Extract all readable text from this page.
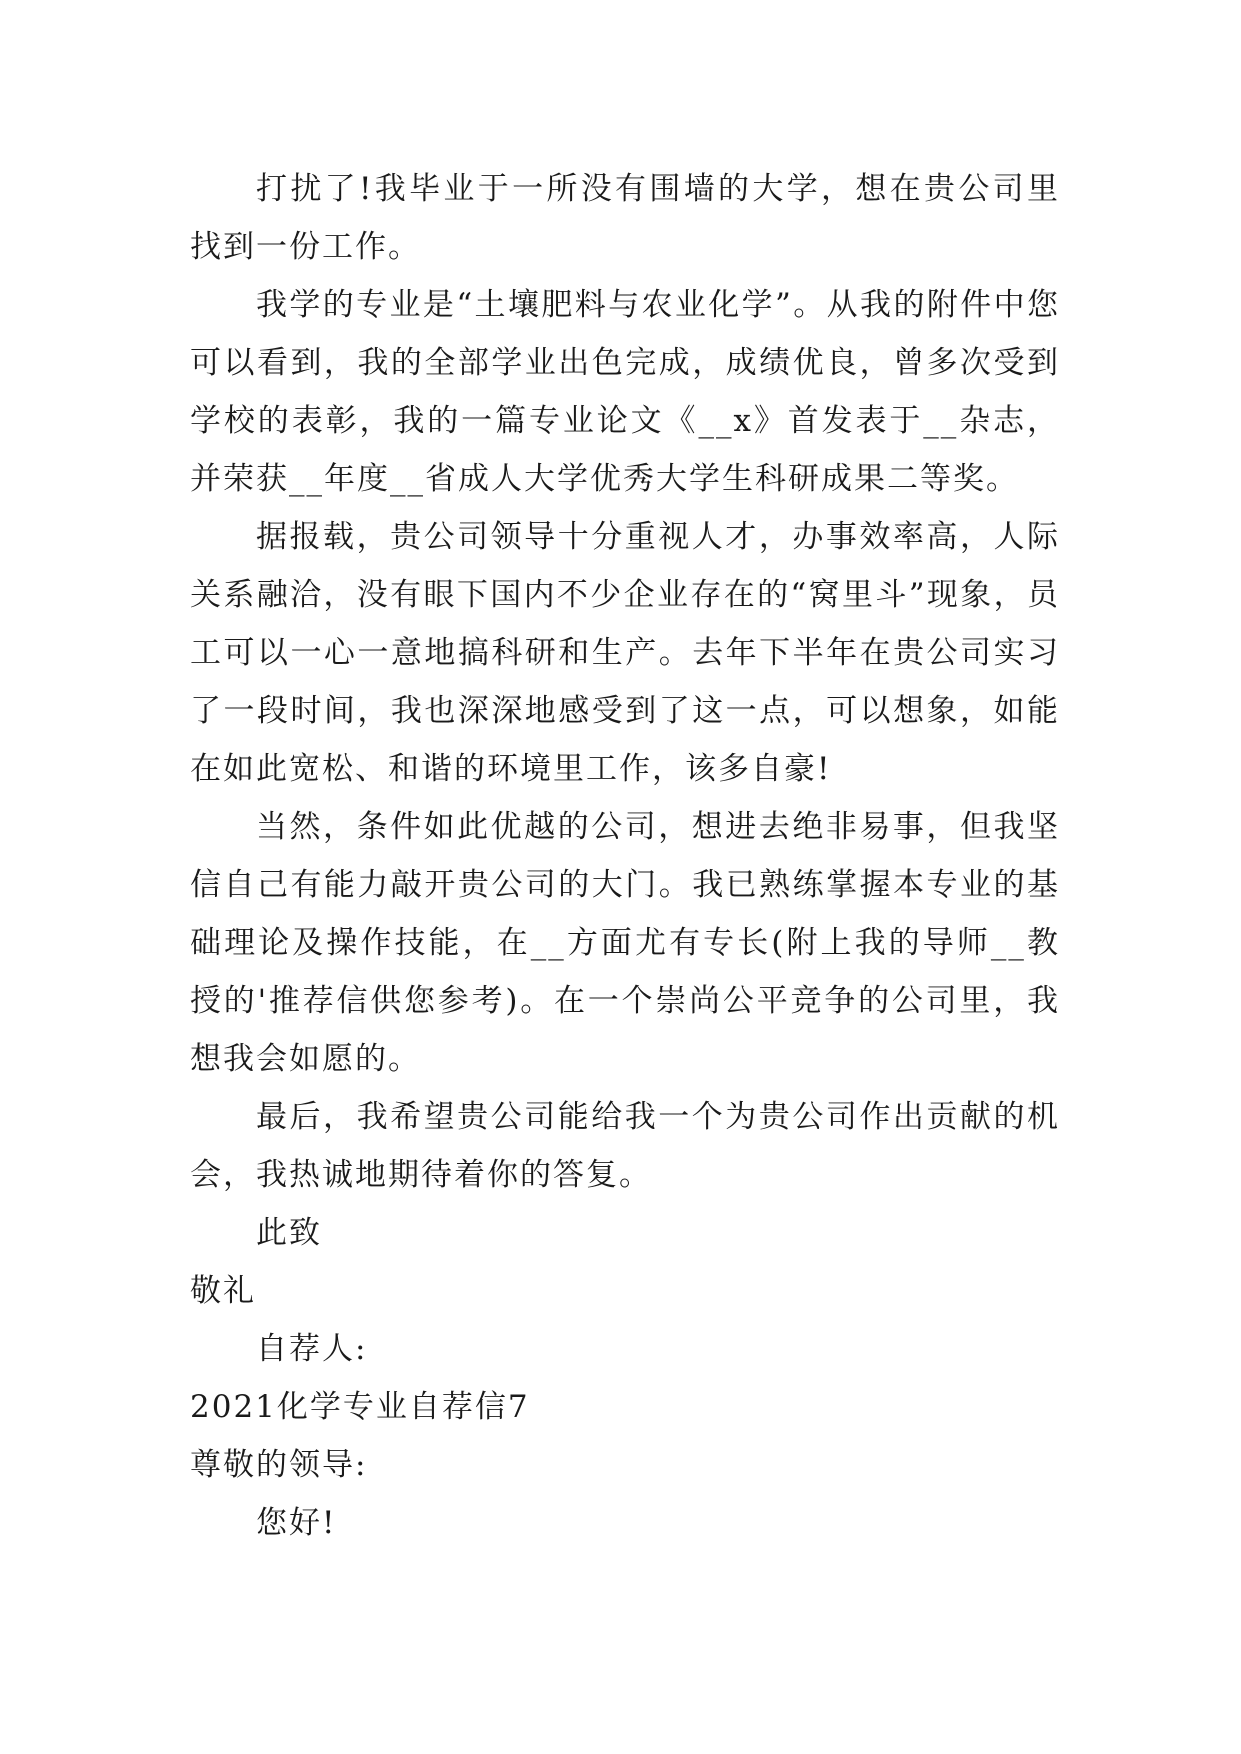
打扰了!我毕业于一所没有围墙的大学，想在贵公司里找到一份工作。

我学的专业是“土壤肥料与农业化学”。从我的附件中您可以看到，我的全部学业出色完成，成绩优良，曾多次受到学校的表彰，我的一篇专业论文《__x》首发表于__杂志，并荣获__年度__省成人大学优秀大学生科研成果二等奖。

据报载，贵公司领导十分重视人才，办事效率高，人际关系融洽，没有眼下国内不少企业存在的“窝里斗”现象，员工可以一心一意地搞科研和生产。去年下半年在贵公司实习了一段时间，我也深深地感受到了这一点，可以想象，如能在如此宽松、和谐的环境里工作，该多自豪!

当然，条件如此优越的公司，想进去绝非易事，但我坚信自己有能力敲开贵公司的大门。我已熟练掌握本专业的基础理论及操作技能，在__方面尤有专长(附上我的导师__教授的'推荐信供您参考)。在一个崇尚公平竞争的公司里，我想我会如愿的。

最后，我希望贵公司能给我一个为贵公司作出贡献的机会，我热诚地期待着你的答复。

此致

敬礼

自荐人:

2021化学专业自荐信7

尊敬的领导:

您好!
